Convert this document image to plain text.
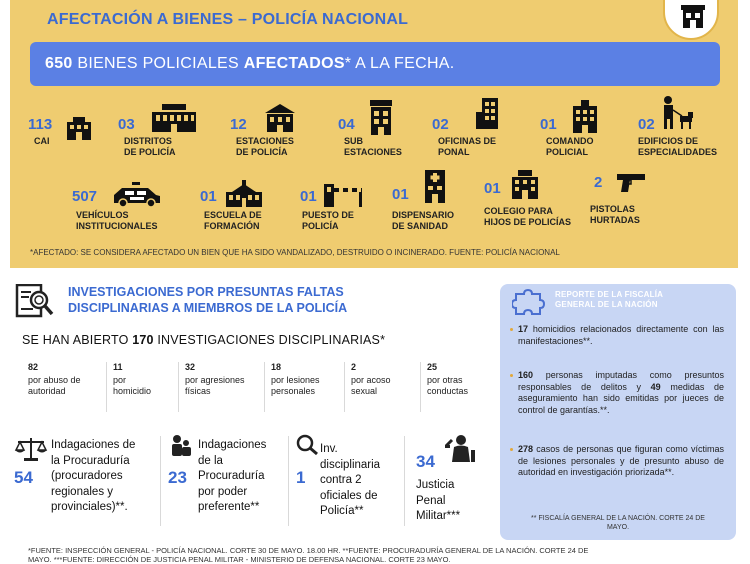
AFECTACIÓN A BIENES – POLICÍA NACIONAL
650 BIENES POLICIALES AFECTADOS* A LA FECHA.
113
CAI
03
DISTRITOS
DE POLICÍA
12
ESTACIONES
DE POLICÍA
04
SUB
ESTACIONES
02
OFICINAS DE
PONAL
01
COMANDO
POLICIAL
02
EDIFICIOS DE
ESPECIALIDADES
507
VEHÍCULOS
INSTITUCIONALES
01
ESCUELA DE
FORMACIÓN
01
PUESTO DE
POLICÍA
01
DISPENSARIO
DE SANIDAD
01
COLEGIO PARA
HIJOS DE POLICÍAS
2
PISTOLAS
HURTADAS
*AFECTADO: SE CONSIDERA AFECTADO UN BIEN QUE HA SIDO VANDALIZADO, DESTRUIDO O INCINERADO. FUENTE: POLICÍA NACIONAL
INVESTIGACIONES POR PRESUNTAS FALTAS
DISCIPLINARIAS A MIEMBROS DE LA POLICÍA
SE HAN ABIERTO 170 INVESTIGACIONES DISCIPLINARIAS*
82
por abuso de
autoridad
11
por
homicidio
32
por agresiones
físicas
18
por lesiones
personales
2
por acoso
sexual
25
por otras
conductas
54
Indagaciones de
la Procuraduría
(procuradores
regionales y
provinciales)**.
23
Indagaciones
de la
Procuraduría
por poder
preferente**
1
Inv.
disciplinaria
contra 2
oficiales de
Policía**
34
Justicia
Penal
Militar***
REPORTE DE LA FISCALÍA
GENERAL DE LA NACIÓN
17 homicidios relacionados directamente con las manifestaciones**.
160 personas imputadas como presuntos responsables de delitos y 49 medidas de aseguramiento han sido emitidas por jueces de control de garantías.**.
278 casos de personas que figuran como víctimas de lesiones personales y de presunto abuso de autoridad en investigación priorizada**.
** FISCALÍA GENERAL DE LA NACIÓN. CORTE 24 DE MAYO.
*FUENTE: INSPECCIÓN GENERAL - POLICÍA NACIONAL. CORTE 30 DE MAYO. 18.00 HR. **FUENTE: PROCURADURÍA GENERAL DE LA NACIÓN. CORTE 24 DE
MAYO. ***FUENTE: DIRECCIÓN DE JUSTICIA PENAL MILITAR - MINISTERIO DE DEFENSA NACIONAL. CORTE 23 MAYO.
